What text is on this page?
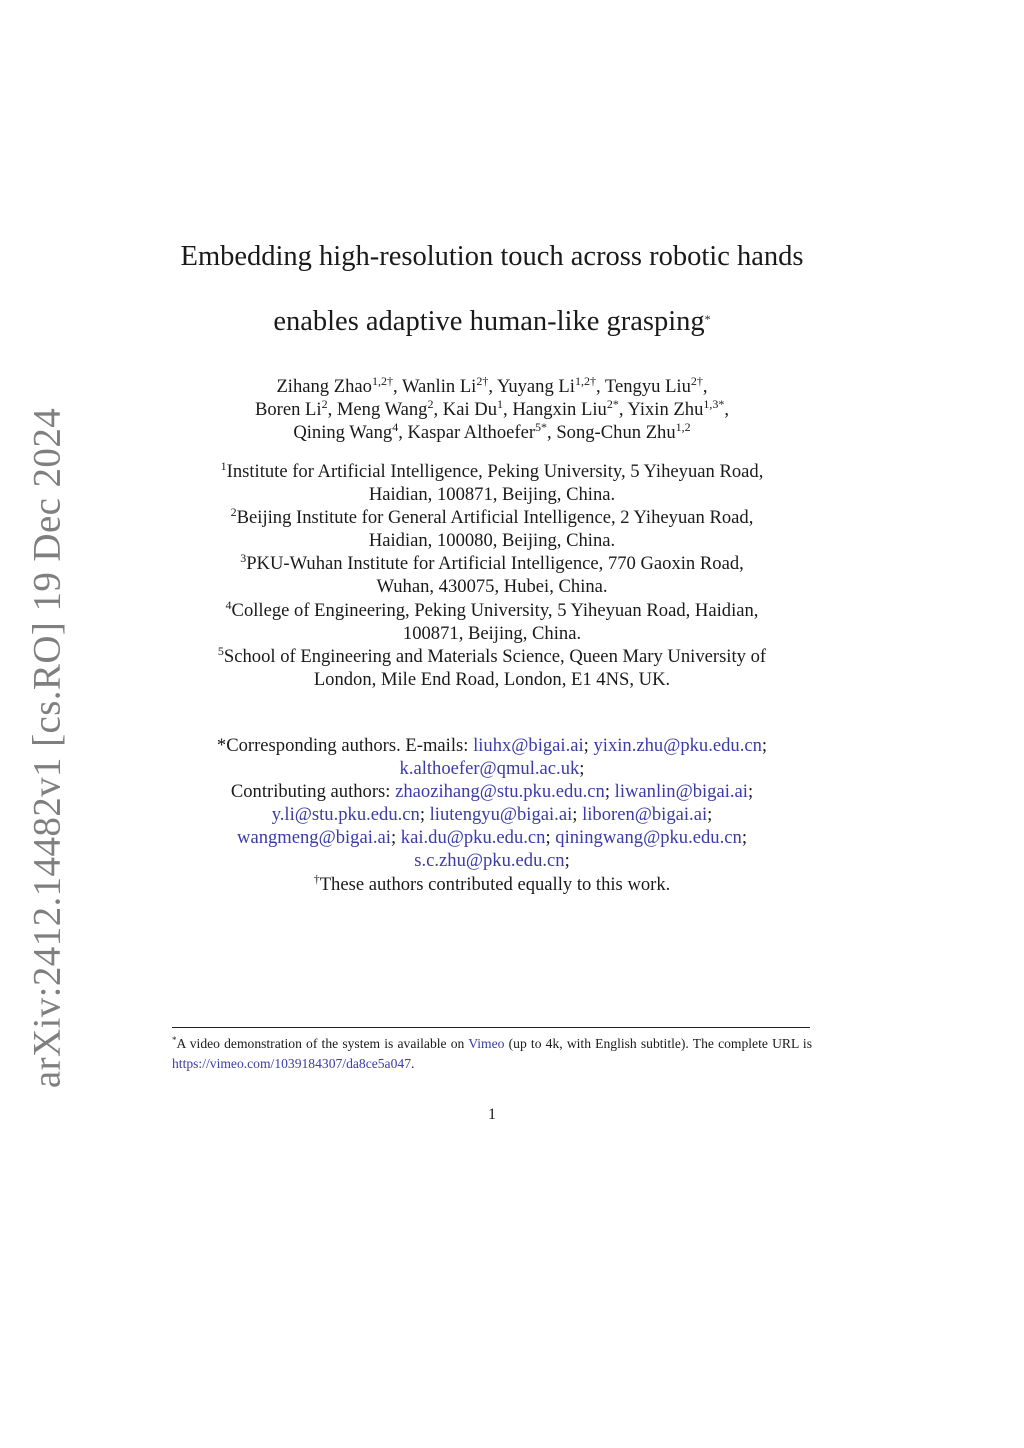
arXiv:2412.14482v1 [cs.RO] 19 Dec 2024
Embedding high-resolution touch across robotic hands
enables adaptive human-like grasping*
Zihang Zhao$^{1,2\dagger}$, Wanlin $Li^{2\dagger}$, Yuyang $Li^{1,2\dagger}$, Tengyu Liu$^{2\dagger}$,
Boren Li$^2$, Meng Wang$^2$, Kai Du$^1$, Hangxin Liu$^{2*}$, Yixin Zhu$^{1,3*}$,
Qining Wang$^4$, Kaspar Althoefer$^{5*}$, Song-Chun Zhu$^{1,2}$
$^1$Institute for Artificial Intelligence, Peking University, 5 Yiheyuan Road,
Haidian, 100871, Beijing, China.
$^2$Beijing Institute for General Artificial Intelligence, 2 Yiheyuan Road,
Haidian, 100080, Beijing, China.
$^3$PKU-Wuhan Institute for Artificial Intelligence, 770 Gaoxin Road,
Wuhan, 430075, Hubei, China.
$^4$College of Engineering, Peking University, 5 Yiheyuan Road, Haidian,
100871, Beijing, China.
$^5$School of Engineering and Materials Science, Queen Mary University of
London, Mile End Road, London, E1 4NS, UK.
*Corresponding authors. E-mails: liuhx@bigai.ai; yixin.zhu@pku.edu.cn;
k.althoefer@qmul.ac.uk;
Contributing authors: zhaozihang@stu.pku.edu.cn; liwanlin@bigai.ai;
y.li@stu.pku.edu.cn; liutengyu@bigai.ai; liboren@bigai.ai;
wangmeng@bigai.ai; kai.du@pku.edu.cn; qiningwang@pku.edu.cn;
s.c.zhu@pku.edu.cn;
†These authors contributed equally to this work.
*A video demonstration of the system is available on Vimeo (up to 4k, with English subtitle). The complete URL is https://vimeo.com/1039184307/da8ce5a047.
1
